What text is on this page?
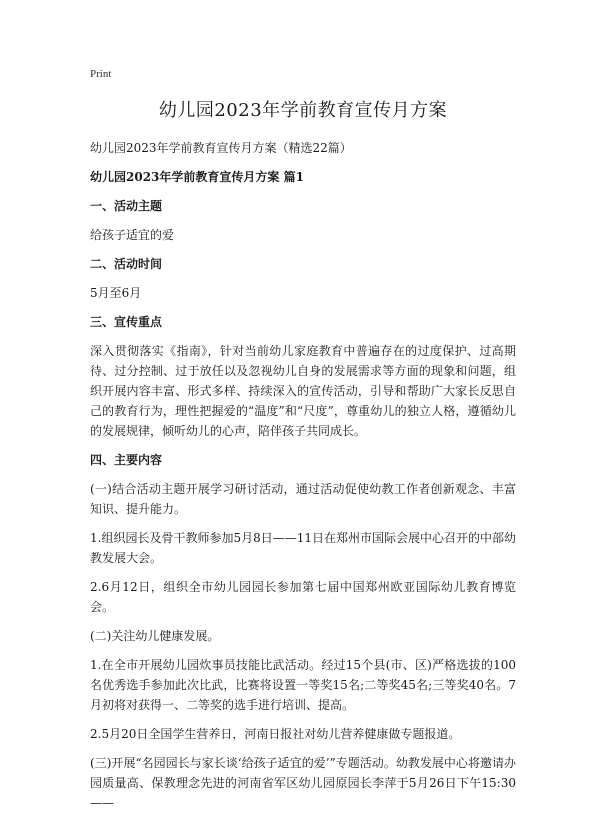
Print
幼儿园2023年学前教育宣传月方案

幼儿园2023年学前教育宣传月方案（精选22篇）

幼儿园2023年学前教育宣传月方案 篇1

一、活动主题

给孩子适宜的爱

二、活动时间

5月至6月

三、宣传重点

深入贯彻落实《指南》，针对当前幼儿家庭教育中普遍存在的过度保护、过高期待、过分控制、过于放任以及忽视幼儿自身的发展需求等方面的现象和问题，组织开展内容丰富、形式多样、持续深入的宣传活动，引导和帮助广大家长反思自己的教育行为，理性把握爱的“温度”和“尺度”，尊重幼儿的独立人格，遵循幼儿的发展规律，倾听幼儿的心声，陪伴孩子共同成长。

四、主要内容

(一)结合活动主题开展学习研讨活动，通过活动促使幼教工作者创新观念、丰富知识、提升能力。

1.组织园长及骨干教师参加5月8日——11日在郑州市国际会展中心召开的中部幼教发展大会。

2.6月12日，组织全市幼儿园园长参加第七届中国郑州欧亚国际幼儿教育博览会。

(二)关注幼儿健康发展。

1.在全市开展幼儿园炊事员技能比武活动。经过15个县(市、区)严格选拔的100名优秀选手参加此次比武，比赛将设置一等奖15名;二等奖45名;三等奖40名。7月初将对获得一、二等奖的选手进行培训、提高。

2.5月20日全国学生营养日，河南日报社对幼儿营养健康做专题报道。

(三)开展“名园园长与家长谈‘给孩子适宜的爱’”专题活动。幼教发展中心将邀请办园质量高、保教理念先进的河南省军区幼儿园原园长李萍于5月26日下午15:30——
